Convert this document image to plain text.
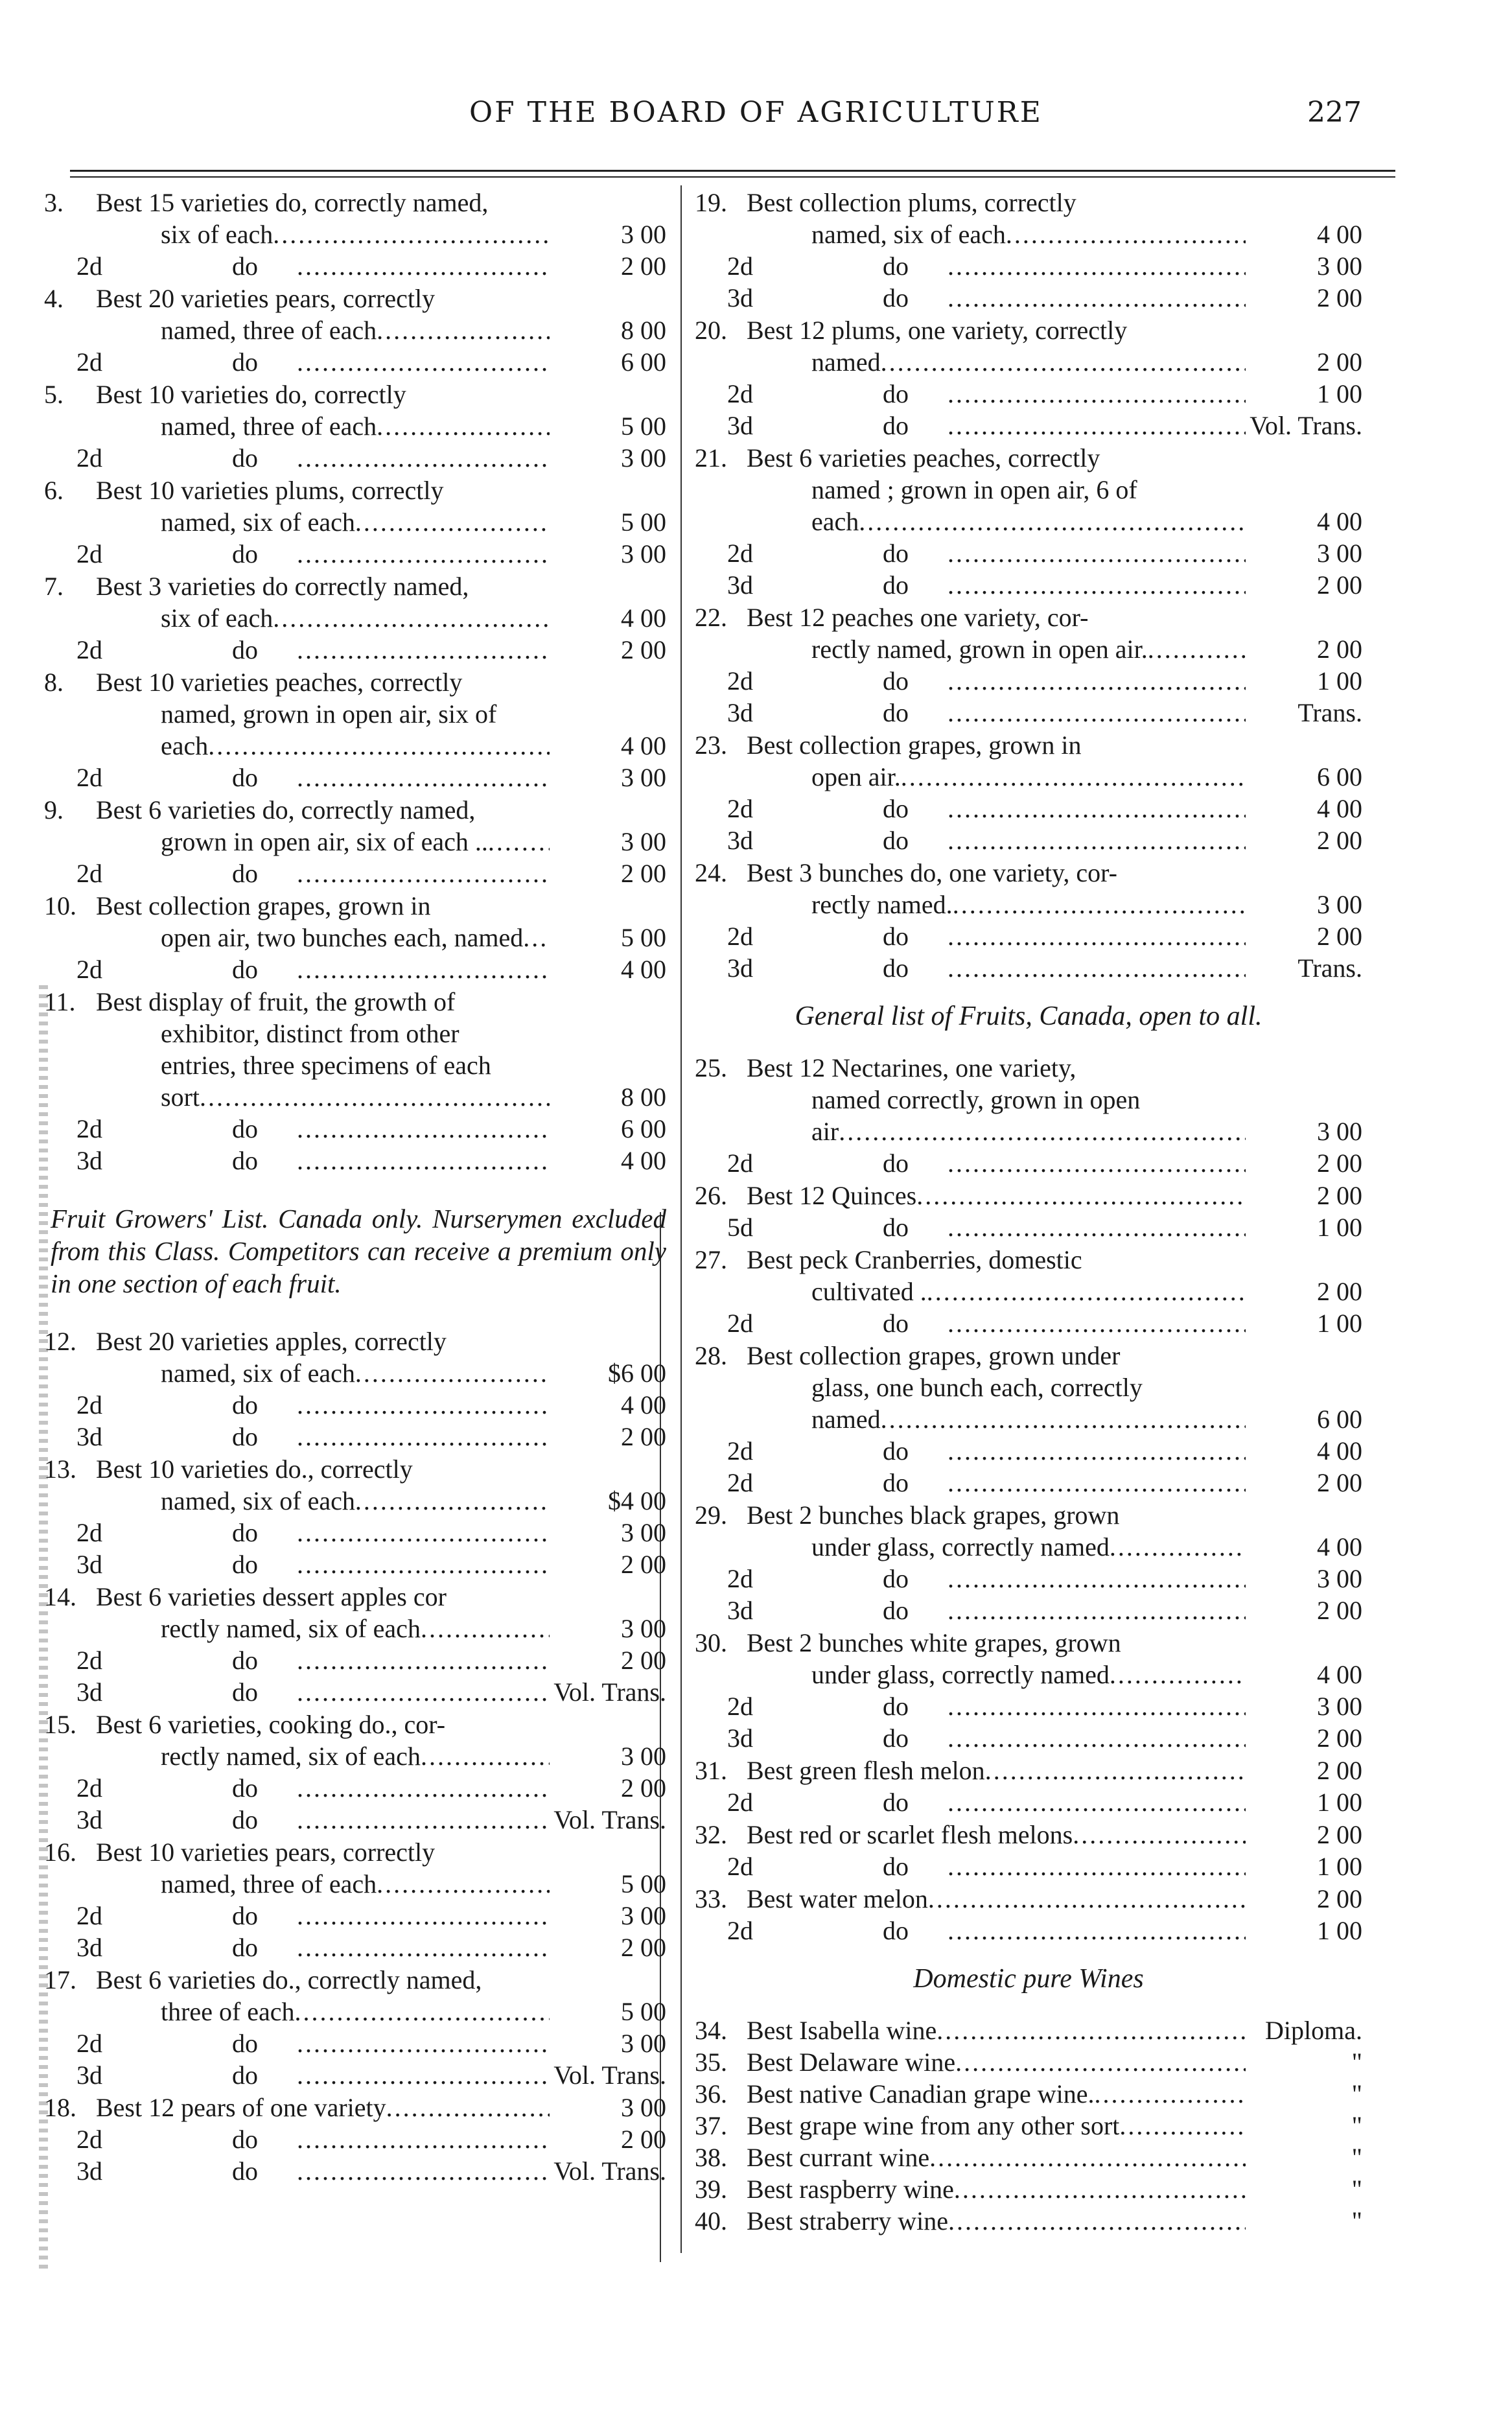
OF THE BOARD OF AGRICULTURE	227
3.	Best 15 varieties do, correctly named,
six of each .....	3 00
2d	do .....	2 00
4.	Best 20 varieties pears, correctly
named, three of each .....	8 00
2d	do .....	6 00
5.	Best 10 varieties do, correctly
named, three of each .....	5 00
2d	do .....	3 00
6.	Best 10 varieties plums, correctly
named, six of each .....	5 00
2d	do .....	3 00
7.	Best 3 varieties do correctly named,
six of each .....	4 00
2d	do .....	2 00
8.	Best 10 varieties peaches, correctly
named, grown in open air, six of
each .....	4 00
2d	do .....	3 00
9.	Best 6 varieties do, correctly named,
grown in open air, six of each .. .....	3 00
2d	do .....	2 00
10. Best collection grapes, grown in
open air, two bunches each, named .....	5 00
2d	do .....	4 00
11. Best display of fruit, the growth of
exhibitor, distinct from other
entries, three specimens of each
sort .....	8 00
2d	do .....	6 00
3d	do .....	4 00
Fruit Growers' List. Canada only. Nurserymen excluded from this Class. Competitors can receive a premium only in one section of each fruit.
12. Best 20 varieties apples, correctly
named, six of each .....	$6 00
2d	do .....	4 00
3d	do .....	2 00
13. Best 10 varieties do., correctly
named, six of each .....	$4 00
2d	do .....	3 00
3d	do .....	2 00
14. Best 6 varieties dessert apples cor
rectly named, six of each .....	3 00
2d	do .....	2 00
3d	do .....	Vol. Trans.
15. Best 6 varieties, cooking do., cor-
rectly named, six of each .....	3 00
2d	do .....	2 00
3d	do .....	Vol. Trans.
16. Best 10 varieties pears, correctly
named, three of each .....	5 00
2d	do .....	3 00
3d	do .....	2 00
17. Best 6 varieties do., correctly named,
three of each .....	5 00
2d	do .....	3 00
3d	do .....	Vol. Trans.
18. Best 12 pears of one variety .....	3 00
2d	do .....	2 00
3d	do .....	Vol. Trans.
19. Best collection plums, correctly
named, six of each .....	4 00
2d	do .....	3 00
3d	do .....	2 00
20. Best 12 plums, one variety, correctly
named .....	2 00
2d	do .....	1 00
3d	do .....	Vol. Trans.
21. Best 6 varieties peaches, correctly
named ; grown in open air, 6 of
each .....	4 00
2d	do .....	3 00
3d	do .....	2 00
22. Best 12 peaches one variety, cor-
rectly named, grown in open air. .....	2 00
2d	do .....	1 00
3d	do .....	Trans.
23. Best collection grapes, grown in
open air. .....	6 00
2d	do .....	4 00
3d	do .....	2 00
24. Best 3 bunches do, one variety, cor-
rectly named. .....	3 00
2d	do .....	2 00
3d	do .....	Trans.
General list of Fruits, Canada, open to all.
25. Best 12 Nectarines, one variety,
named correctly, grown in open
air .....	3 00
2d	do .....	2 00
26. Best 12 Quinces .....	2 00
5d	do .....	1 00
27. Best peck Cranberries, domestic
cultivated . .....	2 00
2d	do .....	1 00
28. Best collection grapes, grown under
glass, one bunch each, correctly
named .....	6 00
2d	do .....	4 00
2d	do .....	2 00
29. Best 2 bunches black grapes, grown
under glass, correctly named .....	4 00
2d	do .....	3 00
3d	do .....	2 00
30. Best 2 bunches white grapes, grown
under glass, correctly named .....	4 00
2d	do .....	3 00
3d	do .....	2 00
31. Best green flesh melon .....	2 00
2d	do .....	1 00
32. Best red or scarlet flesh melons .....	2 00
2d	do .....	1 00
33. Best water melon .....	2 00
2d	do .....	1 00
Domestic pure Wines
34. Best Isabella wine .....	Diploma.
35. Best Delaware wine .....	"
36. Best native Canadian grape wine. .....	"
37. Best grape wine from any other sort .....	"
38. Best currant wine .....	"
39. Best raspberry wine .....	"
40. Best straberry wine .....	"
